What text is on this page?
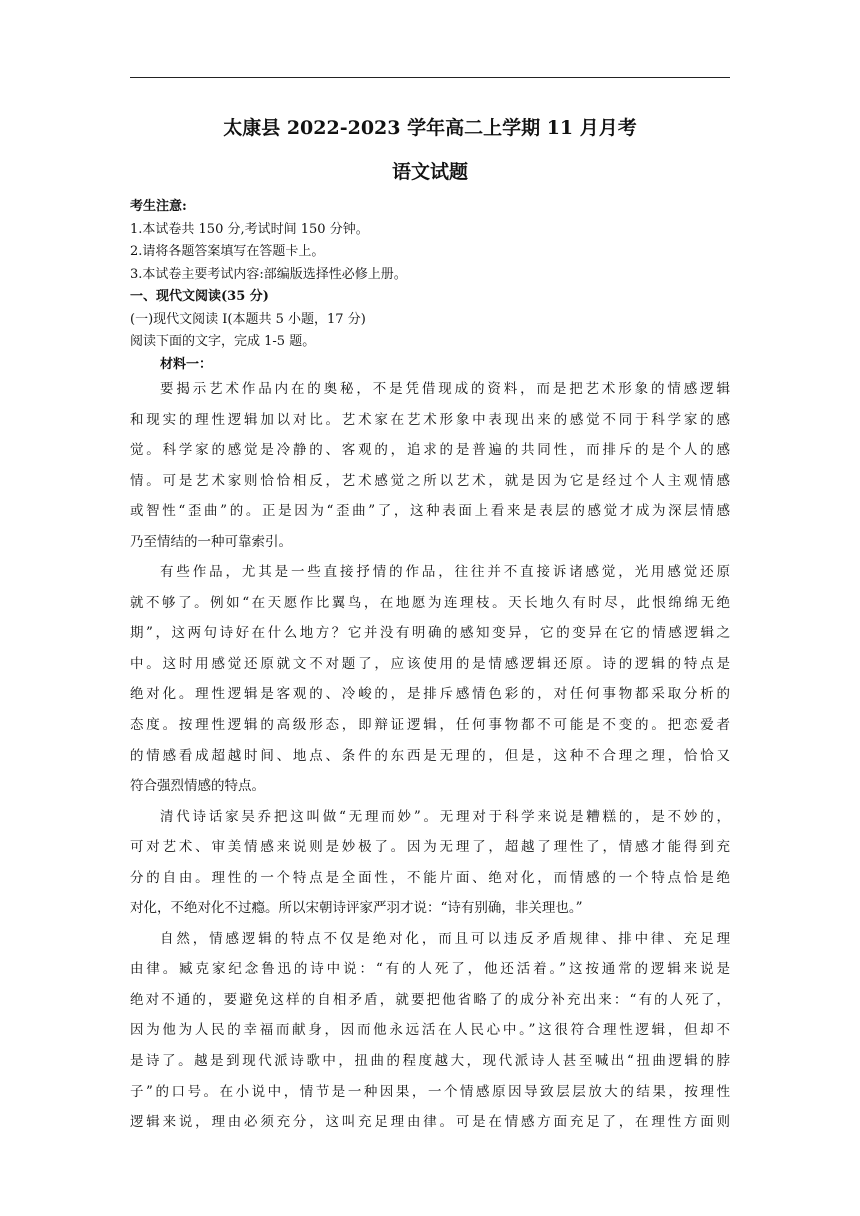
太康县 2022-2023 学年高二上学期 11 月月考
语文试题
考生注意:
1.本试卷共 150 分,考试时间 150 分钟。
2.请将各题答案填写在答题卡上。
3.本试卷主要考试内容:部编版选择性必修上册。
一、现代文阅读(35 分)
(一)现代文阅读 I(本题共 5 小题，17 分)
阅读下面的文字，完成 1-5 题。
材料一：
要揭示艺术作品内在的奥秘，不是凭借现成的资料，而是把艺术形象的情感逻辑
和现实的理性逻辑加以对比。艺术家在艺术形象中表现出来的感觉不同于科学家的感
觉。科学家的感觉是冷静的、客观的，追求的是普遍的共同性，而排斥的是个人的感
情。可是艺术家则恰恰相反，艺术感觉之所以艺术，就是因为它是经过个人主观情感
或智性“歪曲”的。正是因为“歪曲”了，这种表面上看来是表层的感觉才成为深层情感
乃至情结的一种可靠索引。
有些作品，尤其是一些直接抒情的作品，往往并不直接诉诸感觉，光用感觉还原
就不够了。例如“在天愿作比翼鸟，在地愿为连理枝。天长地久有时尽，此恨绵绵无绝
期”，这两句诗好在什么地方？它并没有明确的感知变异，它的变异在它的情感逻辑之
中。这时用感觉还原就文不对题了，应该使用的是情感逻辑还原。诗的逻辑的特点是
绝对化。理性逻辑是客观的、冷峻的，是排斥感情色彩的，对任何事物都采取分析的
态度。按理性逻辑的高级形态，即辩证逻辑，任何事物都不可能是不变的。把恋爱者
的情感看成超越时间、地点、条件的东西是无理的，但是，这种不合理之理，恰恰又
符合强烈情感的特点。
清代诗话家吴乔把这叫做“无理而妙”。无理对于科学来说是糟糕的，是不妙的，
可对艺术、审美情感来说则是妙极了。因为无理了，超越了理性了，情感才能得到充
分的自由。理性的一个特点是全面性，不能片面、绝对化，而情感的一个特点恰是绝
对化，不绝对化不过瘾。所以宋朝诗评家严羽才说：“诗有别确，非关理也。”
自然，情感逻辑的特点不仅是绝对化，而且可以违反矛盾规律、排中律、充足理
由律。臧克家纪念鲁迅的诗中说：“有的人死了，他还活着。”这按通常的逻辑来说是
绝对不通的，要避免这样的自相矛盾，就要把他省略了的成分补充出来：“有的人死了，
因为他为人民的幸福而献身，因而他永远活在人民心中。”这很符合理性逻辑，但却不
是诗了。越是到现代派诗歌中，扭曲的程度越大，现代派诗人甚至喊出“扭曲逻辑的脖
子”的口号。在小说中，情节是一种因果，一个情感原因导致层层放大的结果，按理性
逻辑来说，理由必须充分，这叫充足理由律。可是在情感方面充足了，在理性方面则
